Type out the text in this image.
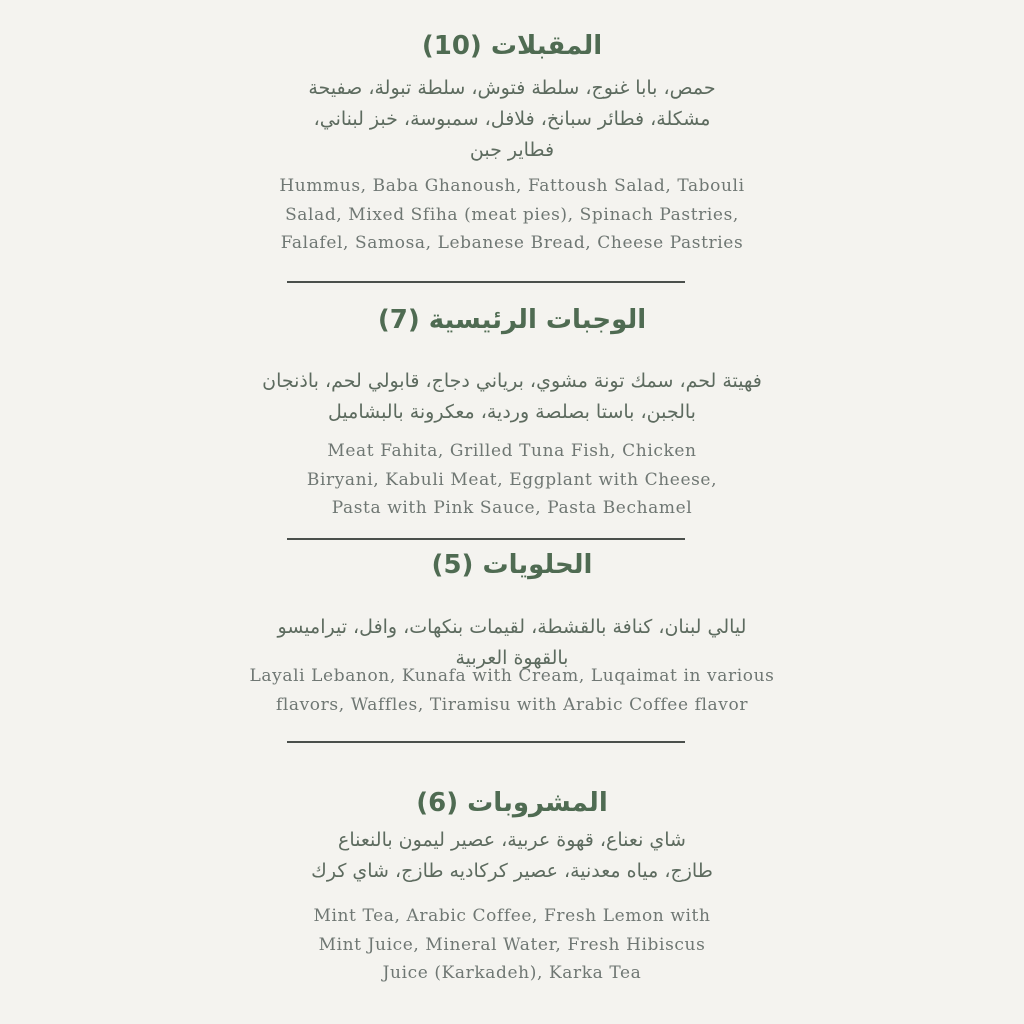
المقبلات (10)
حمص، بابا غنوج، سلطة فتوش، سلطة تبولة، صفيحة
مشكلة، فطائر سبانخ، فلافل، سمبوسة، خبز لبناني،
فطاير جبن
Hummus, Baba Ghanoush, Fattoush Salad, Tabouli
Salad, Mixed Sfiha (meat pies), Spinach Pastries,
Falafel, Samosa, Lebanese Bread, Cheese Pastries
الوجبات الرئيسية (7)
فهيتة لحم، سمك تونة مشوي، برياني دجاج، قابولي لحم، باذنجان
بالجبن، باستا بصلصة وردية، معكرونة بالبشاميل
Meat Fahita, Grilled Tuna Fish, Chicken
Biryani, Kabuli Meat, Eggplant with Cheese,
Pasta with Pink Sauce, Pasta Bechamel
الحلويات (5)
ليالي لبنان، كنافة بالقشطة، لقيمات بنكهات، وافل، تيراميسو
بالقهوة العربية
Layali Lebanon, Kunafa with Cream, Luqaimat in various
flavors, Waffles, Tiramisu with Arabic Coffee flavor
المشروبات (6)
شاي نعناع، قهوة عربية، عصير ليمون بالنعناع
طازج، مياه معدنية، عصير كركاديه طازج، شاي كرك
Mint Tea, Arabic Coffee, Fresh Lemon with
Mint Juice, Mineral Water, Fresh Hibiscus
Juice (Karkadeh), Karka Tea
